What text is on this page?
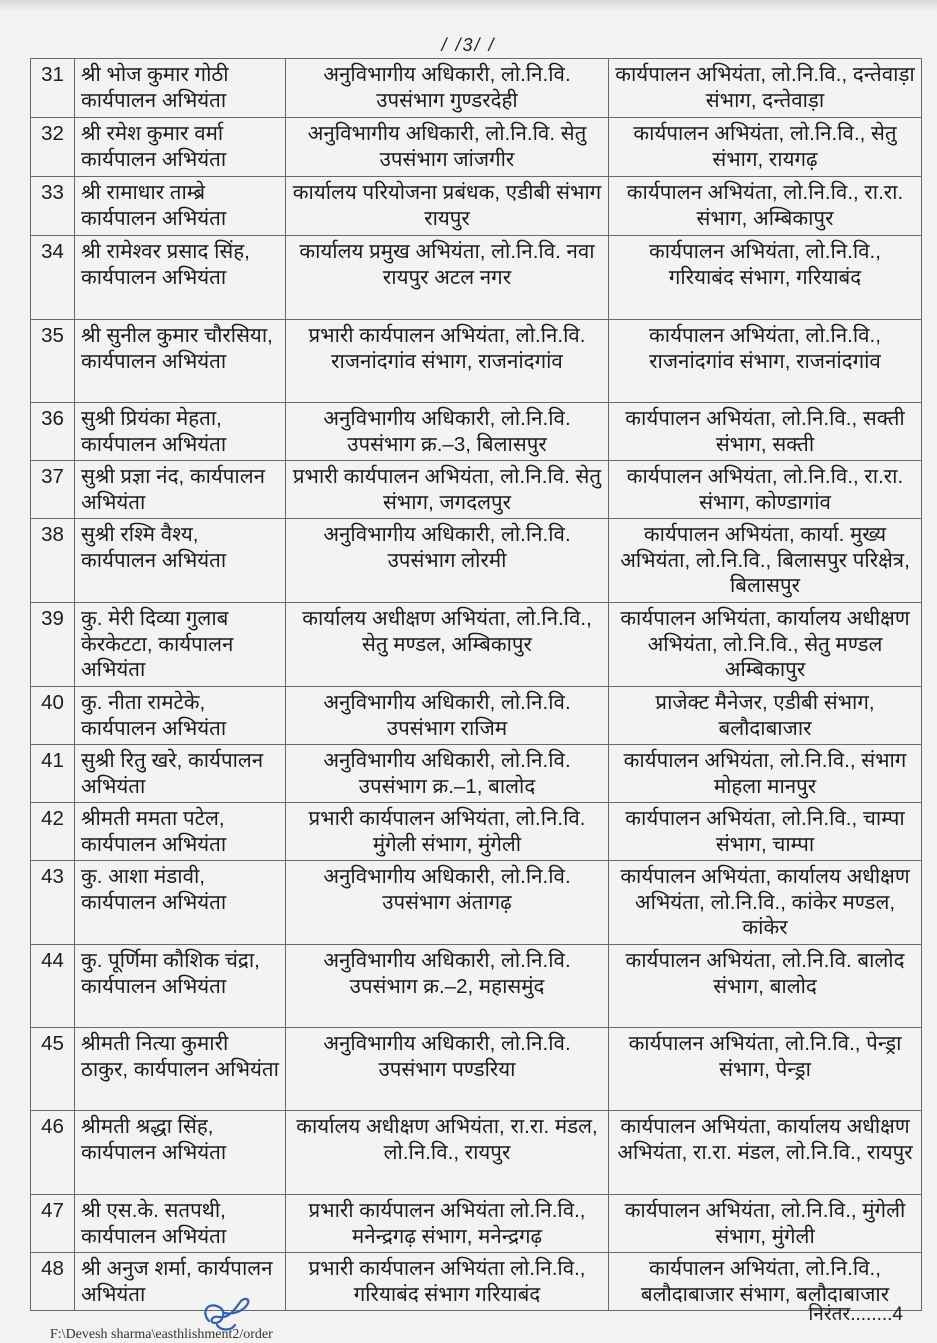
/ /3/ /
31	श्री भोज कुमार गोठी कार्यपालन अभियंता	अनुविभागीय अधिकारी, लो.नि.वि. उपसंभाग गुण्डरदेही	कार्यपालन अभियंता, लो.नि.वि., दन्तेवाड़ा संभाग, दन्तेवाड़ा
32	श्री रमेश कुमार वर्मा कार्यपालन अभियंता	अनुविभागीय अधिकारी, लो.नि.वि. सेतु उपसंभाग जांजगीर	कार्यपालन अभियंता, लो.नि.वि., सेतु संभाग, रायगढ़
33	श्री रामाधार ताम्ब्रे कार्यपालन अभियंता	कार्यालय परियोजना प्रबंधक, एडीबी संभाग रायपुर	कार्यपालन अभियंता, लो.नि.वि., रा.रा. संभाग, अम्बिकापुर
34	श्री रामेश्वर प्रसाद सिंह, कार्यपालन अभियंता	कार्यालय प्रमुख अभियंता, लो.नि.वि. नवा रायपुर अटल नगर	कार्यपालन अभियंता, लो.नि.वि., गरियाबंद संभाग, गरियाबंद
35	श्री सुनील कुमार चौरसिया, कार्यपालन अभियंता	प्रभारी कार्यपालन अभियंता, लो.नि.वि. राजनांदगांव संभाग, राजनांदगांव	कार्यपालन अभियंता, लो.नि.वि., राजनांदगांव संभाग, राजनांदगांव
36	सुश्री प्रियंका मेहता, कार्यपालन अभियंता	अनुविभागीय अधिकारी, लो.नि.वि. उपसंभाग क्र.–3, बिलासपुर	कार्यपालन अभियंता, लो.नि.वि., सक्ती संभाग, सक्ती
37	सुश्री प्रज्ञा नंद, कार्यपालन अभियंता	प्रभारी कार्यपालन अभियंता, लो.नि.वि. सेतु संभाग, जगदलपुर	कार्यपालन अभियंता, लो.नि.वि., रा.रा. संभाग, कोण्डागांव
38	सुश्री रश्मि वैश्य, कार्यपालन अभियंता	अनुविभागीय अधिकारी, लो.नि.वि. उपसंभाग लोरमी	कार्यपालन अभियंता, कार्या. मुख्य अभियंता, लो.नि.वि., बिलासपुर परिक्षेत्र, बिलासपुर
39	कु. मेरी दिव्या गुलाब केरकेटटा, कार्यपालन अभियंता	कार्यालय अधीक्षण अभियंता, लो.नि.वि., सेतु मण्डल, अम्बिकापुर	कार्यपालन अभियंता, कार्यालय अधीक्षण अभियंता, लो.नि.वि., सेतु मण्डल अम्बिकापुर
40	कु. नीता रामटेके, कार्यपालन अभियंता	अनुविभागीय अधिकारी, लो.नि.वि. उपसंभाग राजिम	प्राजेक्ट मैनेजर, एडीबी संभाग, बलौदाबाजार
41	सुश्री रितु खरे, कार्यपालन अभियंता	अनुविभागीय अधिकारी, लो.नि.वि. उपसंभाग क्र.–1, बालोद	कार्यपालन अभियंता, लो.नि.वि., संभाग मोहला मानपुर
42	श्रीमती ममता पटेल, कार्यपालन अभियंता	प्रभारी कार्यपालन अभियंता, लो.नि.वि. मुंगेली संभाग, मुंगेली	कार्यपालन अभियंता, लो.नि.वि., चाम्पा संभाग, चाम्पा
43	कु. आशा मंडावी, कार्यपालन अभियंता	अनुविभागीय अधिकारी, लो.नि.वि. उपसंभाग अंतागढ़	कार्यपालन अभियंता, कार्यालय अधीक्षण अभियंता, लो.नि.वि., कांकेर मण्डल, कांकेर
44	कु. पूर्णिमा कौशिक चंद्रा, कार्यपालन अभियंता	अनुविभागीय अधिकारी, लो.नि.वि. उपसंभाग क्र.–2, महासमुंद	कार्यपालन अभियंता, लो.नि.वि. बालोद संभाग, बालोद
45	श्रीमती नित्या कुमारी ठाकुर, कार्यपालन अभियंता	अनुविभागीय अधिकारी, लो.नि.वि. उपसंभाग पण्डरिया	कार्यपालन अभियंता, लो.नि.वि., पेन्ड्रा संभाग, पेन्ड्रा
46	श्रीमती श्रद्धा सिंह, कार्यपालन अभियंता	कार्यालय अधीक्षण अभियंता, रा.रा. मंडल, लो.नि.वि., रायपुर	कार्यपालन अभियंता, कार्यालय अधीक्षण अभियंता, रा.रा. मंडल, लो.नि.वि., रायपुर
47	श्री एस.के. सतपथी, कार्यपालन अभियंता	प्रभारी कार्यपालन अभियंता लो.नि.वि., मनेन्द्रगढ़ संभाग, मनेन्द्रगढ़	कार्यपालन अभियंता, लो.नि.वि., मुंगेली संभाग, मुंगेली
48	श्री अनुज शर्मा, कार्यपालन अभियंता	प्रभारी कार्यपालन अभियंता लो.नि.वि., गरियाबंद संभाग गरियाबंद	कार्यपालन अभियंता, लो.नि.वि., बलौदाबाजार संभाग, बलौदाबाजार
निरंतर........4
F:\Devesh sharma\easthlishment2/order
